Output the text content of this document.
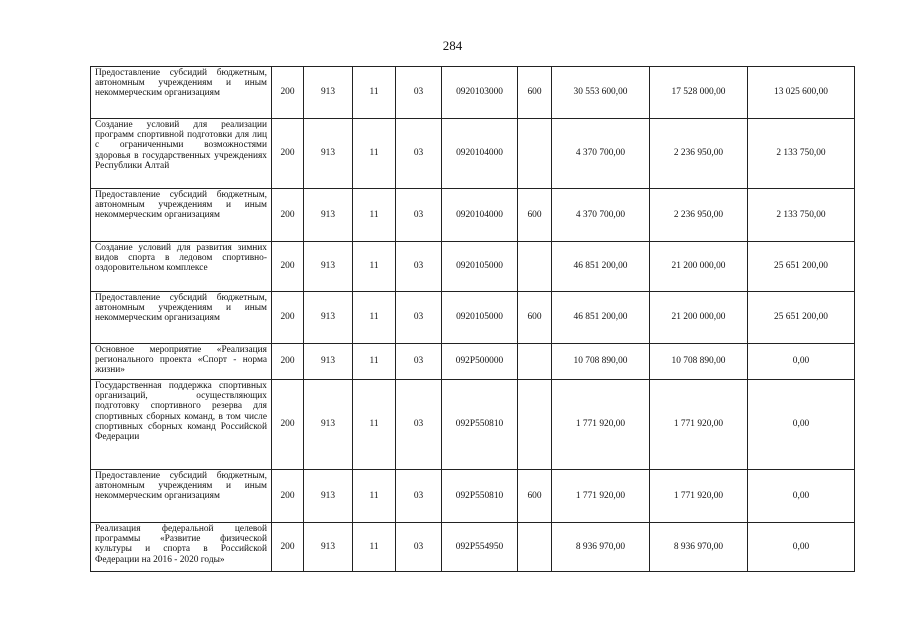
284
Предоставление субсидий бюджетным, автономным учреждениям и иным некоммерческим организациям	200	913	11	03	0920103000	600	30 553 600,00	17 528 000,00	13 025 600,00
Создание условий для реализации программ спортивной подготовки для лиц с ограниченными возможностями здоровья в государственных учреждениях Республики Алтай	200	913	11	03	0920104000		4 370 700,00	2 236 950,00	2 133 750,00
Предоставление субсидий бюджетным, автономным учреждениям и иным некоммерческим организациям	200	913	11	03	0920104000	600	4 370 700,00	2 236 950,00	2 133 750,00
Создание условий для развития зимних видов спорта в ледовом спортивно-оздоровительном комплексе	200	913	11	03	0920105000		46 851 200,00	21 200 000,00	25 651 200,00
Предоставление субсидий бюджетным, автономным учреждениям и иным некоммерческим организациям	200	913	11	03	0920105000	600	46 851 200,00	21 200 000,00	25 651 200,00
Основное мероприятие «Реализация регионального проекта «Спорт - норма жизни»	200	913	11	03	092P500000		10 708 890,00	10 708 890,00	0,00
Государственная поддержка спортивных организаций, осуществляющих подготовку спортивного резерва для спортивных сборных команд, в том числе спортивных сборных команд Российской Федерации	200	913	11	03	092P550810		1 771 920,00	1 771 920,00	0,00
Предоставление субсидий бюджетным, автономным учреждениям и иным некоммерческим организациям	200	913	11	03	092P550810	600	1 771 920,00	1 771 920,00	0,00
Реализация федеральной целевой программы «Развитие физической культуры и спорта в Российской Федерации на 2016 - 2020 годы»	200	913	11	03	092P554950		8 936 970,00	8 936 970,00	0,00
